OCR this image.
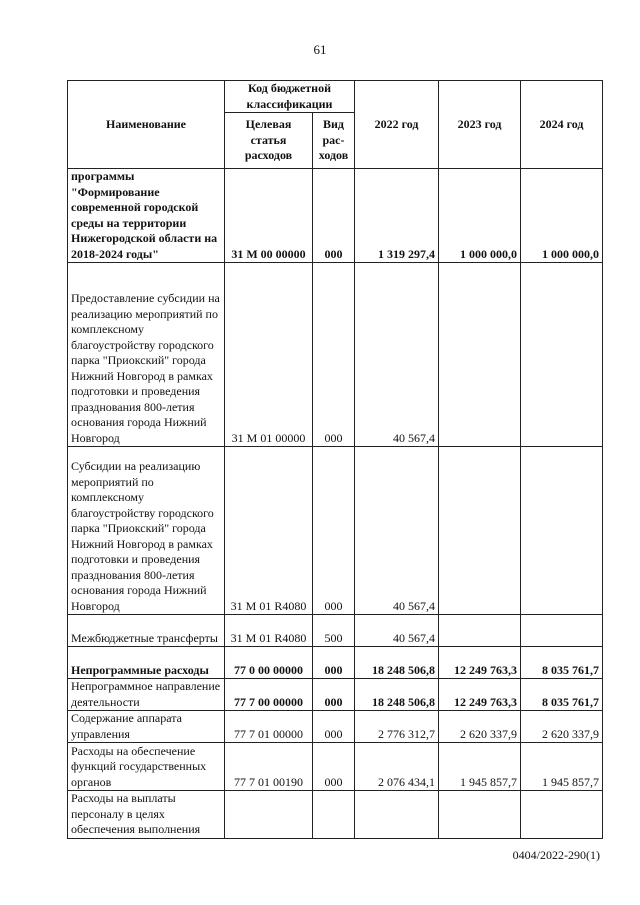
61
Наименование	Код бюджетной классификации		2022 год	2023 год	2024 год
	Целевая статья расходов	Вид рас-ходов			
программы "Формирование современной городской среды на территории Нижегородской области на 2018-2024 годы"	31 М 00 00000	000	1 319 297,4	1 000 000,0	1 000 000,0
Предоставление субсидии на реализацию мероприятий по комплексному благоустройству городского парка "Приокский" города Нижний Новгород в рамках подготовки и проведения празднования 800-летия основания города Нижний Новгород	31 М 01 00000	000	40 567,4		
Субсидии на реализацию мероприятий по комплексному благоустройству городского парка "Приокский" города Нижний Новгород в рамках подготовки и проведения празднования 800-летия основания города Нижний Новгород	31 М 01 R4080	000	40 567,4		
Межбюджетные трансферты	31 М 01 R4080	500	40 567,4		
Непрограммные расходы	77 0 00 00000	000	18 248 506,8	12 249 763,3	8 035 761,7
Непрограммное направление деятельности	77 7 00 00000	000	18 248 506,8	12 249 763,3	8 035 761,7
Содержание аппарата управления	77 7 01 00000	000	2 776 312,7	2 620 337,9	2 620 337,9
Расходы на обеспечение функций государственных органов	77 7 01 00190	000	2 076 434,1	1 945 857,7	1 945 857,7
Расходы на выплаты персоналу в целях обеспечения выполнения					
0404/2022-290(1)
